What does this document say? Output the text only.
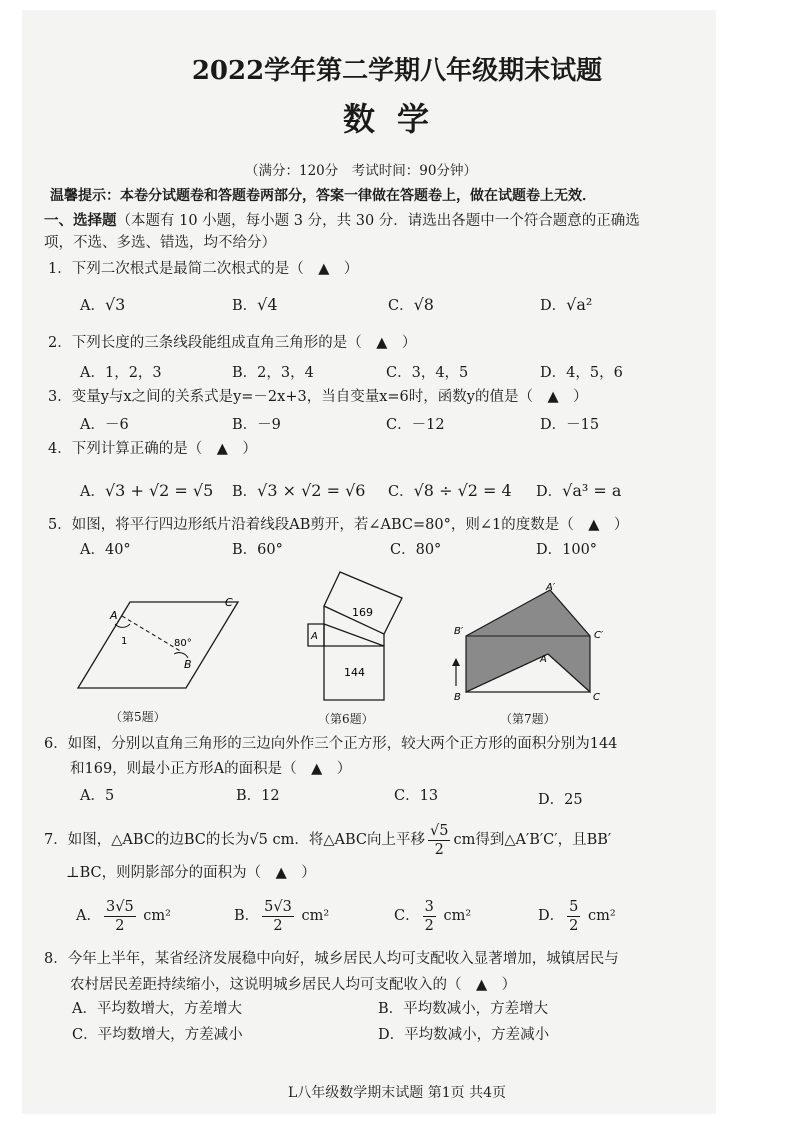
2022学年第二学期八年级期末试题
数学
（满分：120分　考试时间：90分钟）
温馨提示：本卷分试题卷和答题卷两部分，答案一律做在答题卷上，做在试题卷上无效．
一、选择题（本题有 10 小题，每小题 3 分，共 30 分．请选出各题中一个符合题意的正确选
项，不选、多选、错选，均不给分）
1．下列二次根式是最简二次根式的是（　▲　）
A．√3	B．√4	C．√8	D．√a²
2．下列长度的三条线段能组成直角三角形的是（　▲　）
A．1，2，3	B．2，3，4	C．3，4，5	D．4，5，6
3．变量y与x之间的关系式是y=－2x+3，当自变量x=6时，函数y的值是（　▲　）
A．－6	B．－9	C．－12	D．－15
4．下列计算正确的是（　▲　）
A．√3 + √2 = √5 B．√3 × √2 = √6 C．√8 ÷ √2 = 4 D．√a³ = a
5．如图，将平行四边形纸片沿着线段AB剪开，若∠ABC=80°，则∠1的度数是（　▲　）
A．40°	B．60°	C．80°	D．100°
A
B
C
1	80°
（第5题）
169
144
A
（第6题）
A′
B′	C′
A
B	C
（第7题）
6．如图，分别以直角三角形的三边向外作三个正方形，较大两个正方形的面积分别为144
和169，则最小正方形A的面积是（　▲　）
A．5	B．12	C．13	D．25
7．如图，△ABC的边BC的长为√5 cm．将△ABC向上平移 $\frac{√5}{2}$ cm得到△A′B′C′，且BB′
⊥BC，则阴影部分的面积为（　▲　）
A． $\frac{3√5}{2} cm^2$	B． $\frac{5√3}{2} cm^2$	C． $\frac{3}{2} cm^2$	D． $\frac{5}{2} cm^2$
8．今年上半年，某省经济发展稳中向好，城乡居民人均可支配收入显著增加，城镇居民与
农村居民差距持续缩小，这说明城乡居民人均可支配收入的（　▲　）
A．平均数增大，方差增大	B．平均数减小，方差增大
C．平均数增大，方差减小	D．平均数减小，方差减小
L八年级数学期末试题 第1页 共4页
